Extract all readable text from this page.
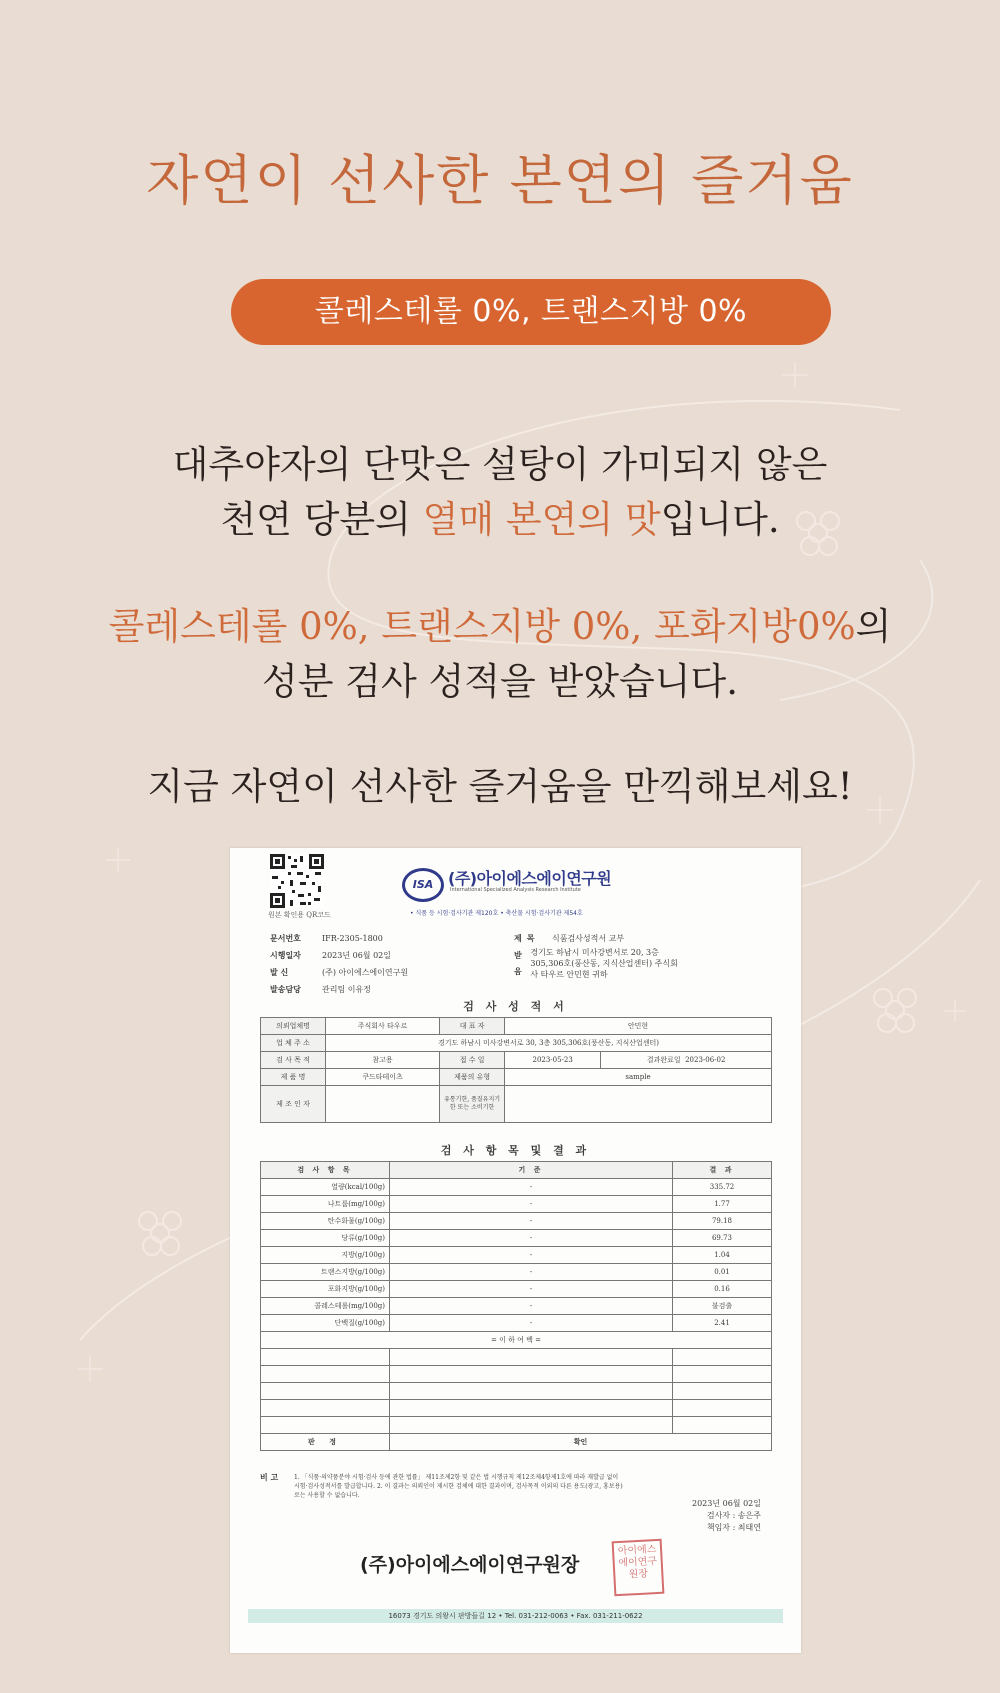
자연이 선사한 본연의 즐거움
콜레스테롤 0%, 트랜스지방 0%
대추야자의 단맛은 설탕이 가미되지 않은
천연 당분의 열매 본연의 맛입니다.
콜레스테롤 0%, 트랜스지방 0%, 포화지방0%의
성분 검사 성적을 받았습니다.
지금 자연이 선사한 즐거움을 만끽해보세요!
원본 확인용 QR코드
ISA (주)아이에스에이연구원
International Specialized Analysis Research Institute
• 식품 등 시험·검사기관 제120호 • 축산물 시험·검사기관 제54호
문서번호	IFR-2305-1800
시행일자	2023년 06월 02일
발 신	(주) 아이에스에이연구원
발송담당	관리팀 이유정
제목 식품검사성적서 교부
받음
경기도 하남시 미사강변서로 20, 3층 305,306호(풍산동, 지식산업센터) 주식회사 타우르 안민현 귀하
검 사 성 적 서
의뢰업체명	주식회사 타우르	대 표 자	안민현	
업 체 주 소	경기도 하남시 미사강변서로 30, 3층 305,306호(풍산동, 지식산업센터)			
검 사 목 적	참고용	접 수 일	2023-05-23	결과완료일 2023-06-02
제 품 명	쿠드타테이츠	제품의 유형	sample	
제 조 인 자		유통기한, 품질유지기한 또는 소비기한		
검 사 항 목 및 결 과
검 사 항 목	기 준	결 과
열량(kcal/100g)	-	335.72
나트륨(mg/100g)	-	1.77
탄수화물(g/100g)	-	79.18
당류(g/100g)	-	69.73
지방(g/100g)	-	1.04
트랜스지방(g/100g)	-	0.01
포화지방(g/100g)	-	0.16
콜레스테롤(mg/100g)	-	불검출
단백질(g/100g)	-	2.41
= 이 하 여 백 =		

판 정	확인	
비 고	1. 「식품·의약품분야 시험·검사 등에 관한 법률」 제11조제2항 및 같은 법 시행규칙 제12조제4항제1호에 따라 재발급 없이 시험·검사성적서를 발급합니다. 2. 이 결과는 의뢰인이 제시한 검체에 대한 결과이며, 검사목적 이외의 다른 용도(광고, 홍보용)로는 사용할 수 없습니다.
2023년 06월 02일
검사자 : 송은주
책임자 : 최태연
(주)아이에스에이연구원장
아이에스에이연구원장
16073 경기도 의왕시 판방들길 12 • Tel. 031-212-0063 • Fax. 031-211-0622
